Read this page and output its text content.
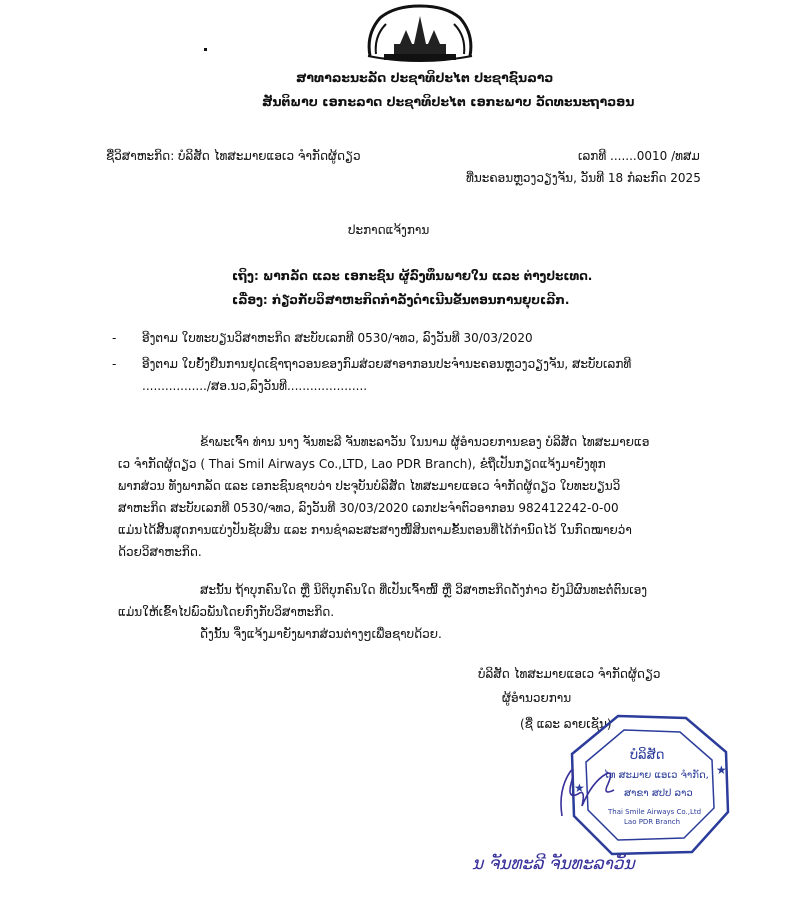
ສາທາລະນະລັດ ປະຊາທິປະໄຕ ປະຊາຊົນລາວ
ສັນຕິພາບ ເອກະລາດ ປະຊາທິປະໄຕ ເອກະພາບ ວັດທະນະຖາວອນ
ຊື່ວິສາຫະກິດ: ບໍລິສັດ ໄທສະມາຍແອເວ ຈຳກັດຜູ້ດຽວ	ເລກທີ .......0010 /ທສມ
ທີ່ນະຄອນຫຼວງວຽງຈັນ, ວັນທີ 18 ກໍລະກົດ 2025
ປະກາດແຈ້ງການ
ເຖິງ: ພາກລັດ ແລະ ເອກະຊົນ ຜູ້ລົງທຶນພາຍໃນ ແລະ ຕ່າງປະເທດ.
ເລື່ອງ: ກ່ຽວກັບວິສາຫະກິດກຳລັງດຳເນີນຂັ້ນຕອນການຍຸບເລີກ.
- ອີງຕາມ ໃບທະບຽນວິສາຫະກິດ ສະບັບເລກທີ 0530/ຈທວ, ລົງວັນທີ 30/03/2020
- ອີງຕາມ ໃບຍັ້ງຢືນການຢຸດເຊົາຖາວອນຂອງກົມສ່ວຍສາອາກອນປະຈຳນະຄອນຫຼວງວຽງຈັນ, ສະບັບເລກທີ
................./ສອ.ນວ,ລົງວັນທີ.....................
ຂ້າພະເຈົ້າ ທ່ານ ນາງ ຈັນທະລີ ຈັນທະລາວັນ ໃນນາມ ຜູ້ອຳນວຍການຂອງ ບໍລິສັດ ໄທສະມາຍແອ
ເວ ຈຳກັດຜູ້ດຽວ ( Thai Smil Airways Co.,LTD, Lao PDR Branch), ຂໍຖືເປັນກຽດແຈ້ງມາຍັງທຸກ
ພາກສ່ວນ ທັງພາກລັດ ແລະ ເອກະຊົນຊາບວ່າ ປະຈຸບັນບໍລິສັດ ໄທສະມາຍແອເວ ຈຳກັດຜູ້ດຽວ ໃບທະບຽນວິ
ສາຫະກິດ ສະບັບເລກທີ 0530/ຈທວ, ລົງວັນທີ 30/03/2020 ເລກປະຈຳຕົວອາກອນ 982412242-0-00
ແມ່ນໄດ້ສິ້ນສຸດການແບ່ງປັນຊັບສິນ ແລະ ການຊຳລະສະສາງໜີ້ສິນຕາມຂັ້ນຕອນທີ່ໄດ້ກຳນົດໄວ້ ໃນກົດໝາຍວ່າ
ດ້ວຍວິສາຫະກິດ.
ສະນັ້ນ ຖ້າບຸກຄົນໃດ ຫຼື ນິຕິບຸກຄົນໃດ ທີ່ເປັນເຈົ້າໜີ້ ຫຼື ວິສາຫະກິດດັ່ງກ່າວ ຍັງມີຜົນທະຕໍ່ຕົນເອງ
ແມ່ນໃຫ້ເຂົ້າໄປພົວພັນໂດຍກົງກັບວິສາຫະກິດ.
ດັ່ງນັ້ນ ຈຶ່ງແຈ້ງມາຍັງພາກສ່ວນຕ່າງໆເພື່ອຊາບດ້ວຍ.
ບໍລິສັດ ໄທສະມາຍແອເວ ຈຳກັດຜູ້ດຽວ
ຜູ້ອຳນວຍການ
(ຊື່ ແລະ ລາຍເຊັນ)
★
★
ບໍລິສັດ
ໄທ ສະມາຍ ແອເວ ຈຳກັດ,
ສາຂາ ສປປ ລາວ
Thai Smile Airways Co.,Ltd
Lao PDR Branch
ນ ຈັນທະລີ ຈັນທະລາວັນ
